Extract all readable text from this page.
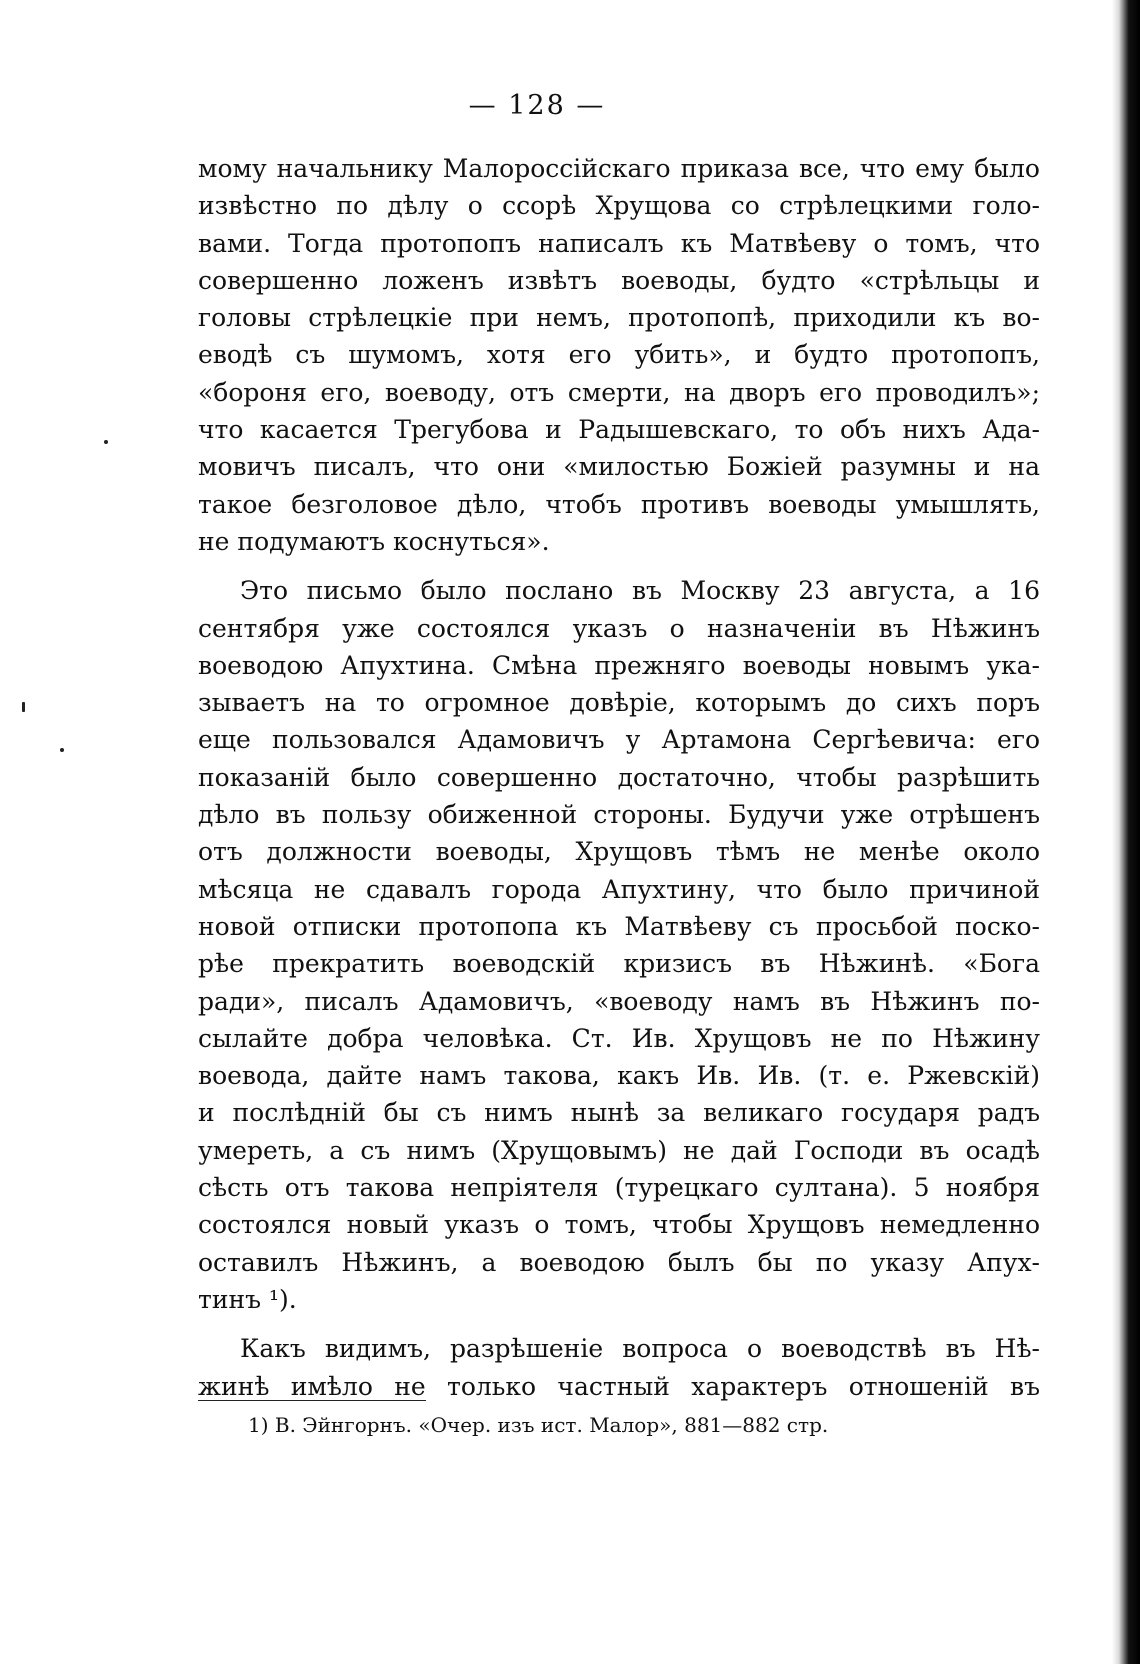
— 128 —
мому начальнику Малороссійскаго приказа все, что ему было
извѣстно по дѣлу о ссорѣ Хрущова со стрѣлецкими голо-
вами. Тогда протопопъ написалъ къ Матвѣеву о томъ, что
совершенно ложенъ извѣтъ воеводы, будто «стрѣльцы и
головы стрѣлецкіе при немъ, протопопѣ, приходили къ во-
еводѣ съ шумомъ, хотя его убить», и будто протопопъ,
«бороня его, воеводу, отъ смерти, на дворъ его проводилъ»;
что касается Трегубова и Радышевскаго, то объ нихъ Ада-
мовичъ писалъ, что они «милостью Божіей разумны и на
такое безголовое дѣло, чтобъ противъ воеводы умышлять,
не подумаютъ коснуться».
Это письмо было послано въ Москву 23 августа, а 16
сентября уже состоялся указъ о назначеніи въ Нѣжинъ
воеводою Апухтина. Смѣна прежняго воеводы новымъ ука-
зываетъ на то огромное довѣріе, которымъ до сихъ поръ
еще пользовался Адамовичъ у Артамона Сергѣевича: его
показаній было совершенно достаточно, чтобы разрѣшить
дѣло въ пользу обиженной стороны. Будучи уже отрѣшенъ
отъ должности воеводы, Хрущовъ тѣмъ не менѣе около
мѣсяца не сдавалъ города Апухтину, что было причиной
новой отписки протопопа къ Матвѣеву съ просьбой поско-
рѣе прекратить воеводскій кризисъ въ Нѣжинѣ. «Бога
ради», писалъ Адамовичъ, «воеводу намъ въ Нѣжинъ по-
сылайте добра человѣка. Ст. Ив. Хрущовъ не по Нѣжину
воевода, дайте намъ такова, какъ Ив. Ив. (т. е. Ржевскій)
и послѣдній бы съ нимъ нынѣ за великаго государя радъ
умереть, а съ нимъ (Хрущовымъ) не дай Господи въ осадѣ
сѣсть отъ такова непріятеля (турецкаго султана). 5 ноября
состоялся новый указъ о томъ, чтобы Хрущовъ немедленно
оставилъ Нѣжинъ, а воеводою былъ бы по указу Апух-
тинъ ¹).
Какъ видимъ, разрѣшеніе вопроса о воеводствѣ въ Нѣ-
жинѣ имѣло не только частный характеръ отношеній въ
1) В. Эйнгорнъ. «Очер. изъ ист. Малор», 881—882 стр.
